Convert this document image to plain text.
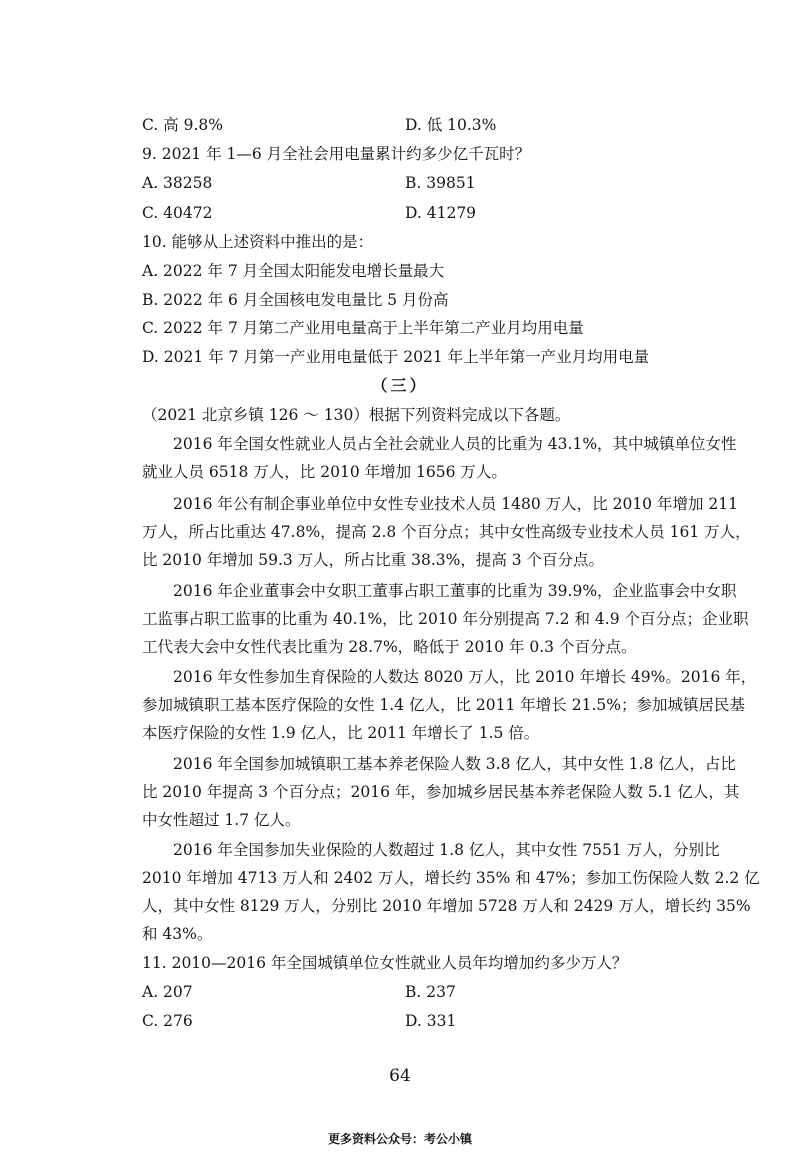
C. 高 9.8%	D. 低 10.3%
9. 2021 年 1—6 月全社会用电量累计约多少亿千瓦时？
A. 38258	B. 39851
C. 40472	D. 41279
10. 能够从上述资料中推出的是：
A. 2022 年 7 月全国太阳能发电增长量最大
B. 2022 年 6 月全国核电发电量比 5 月份高
C. 2022 年 7 月第二产业用电量高于上半年第二产业月均用电量
D. 2021 年 7 月第一产业用电量低于 2021 年上半年第一产业月均用电量
（三）
（2021 北京乡镇 126 ～ 130）根据下列资料完成以下各题。
2016 年全国女性就业人员占全社会就业人员的比重为 43.1%，其中城镇单位女性
就业人员 6518 万人，比 2010 年增加 1656 万人。
2016 年公有制企事业单位中女性专业技术人员 1480 万人，比 2010 年增加 211
万人，所占比重达 47.8%，提高 2.8 个百分点；其中女性高级专业技术人员 161 万人，
比 2010 年增加 59.3 万人，所占比重 38.3%，提高 3 个百分点。
2016 年企业董事会中女职工董事占职工董事的比重为 39.9%，企业监事会中女职
工监事占职工监事的比重为 40.1%，比 2010 年分别提高 7.2 和 4.9 个百分点；企业职
工代表大会中女性代表比重为 28.7%，略低于 2010 年 0.3 个百分点。
2016 年女性参加生育保险的人数达 8020 万人，比 2010 年增长 49%。2016 年，
参加城镇职工基本医疗保险的女性 1.4 亿人，比 2011 年增长 21.5%；参加城镇居民基
本医疗保险的女性 1.9 亿人，比 2011 年增长了 1.5 倍。
2016 年全国参加城镇职工基本养老保险人数 3.8 亿人，其中女性 1.8 亿人，占比
比 2010 年提高 3 个百分点；2016 年，参加城乡居民基本养老保险人数 5.1 亿人，其
中女性超过 1.7 亿人。
2016 年全国参加失业保险的人数超过 1.8 亿人，其中女性 7551 万人，分别比
2010 年增加 4713 万人和 2402 万人，增长约 35% 和 47%；参加工伤保险人数 2.2 亿
人，其中女性 8129 万人，分别比 2010 年增加 5728 万人和 2429 万人，增长约 35%
和 43%。
11. 2010—2016 年全国城镇单位女性就业人员年均增加约多少万人？
A. 207	B. 237
C. 276	D. 331
64
更多资料公众号：考公小镇
